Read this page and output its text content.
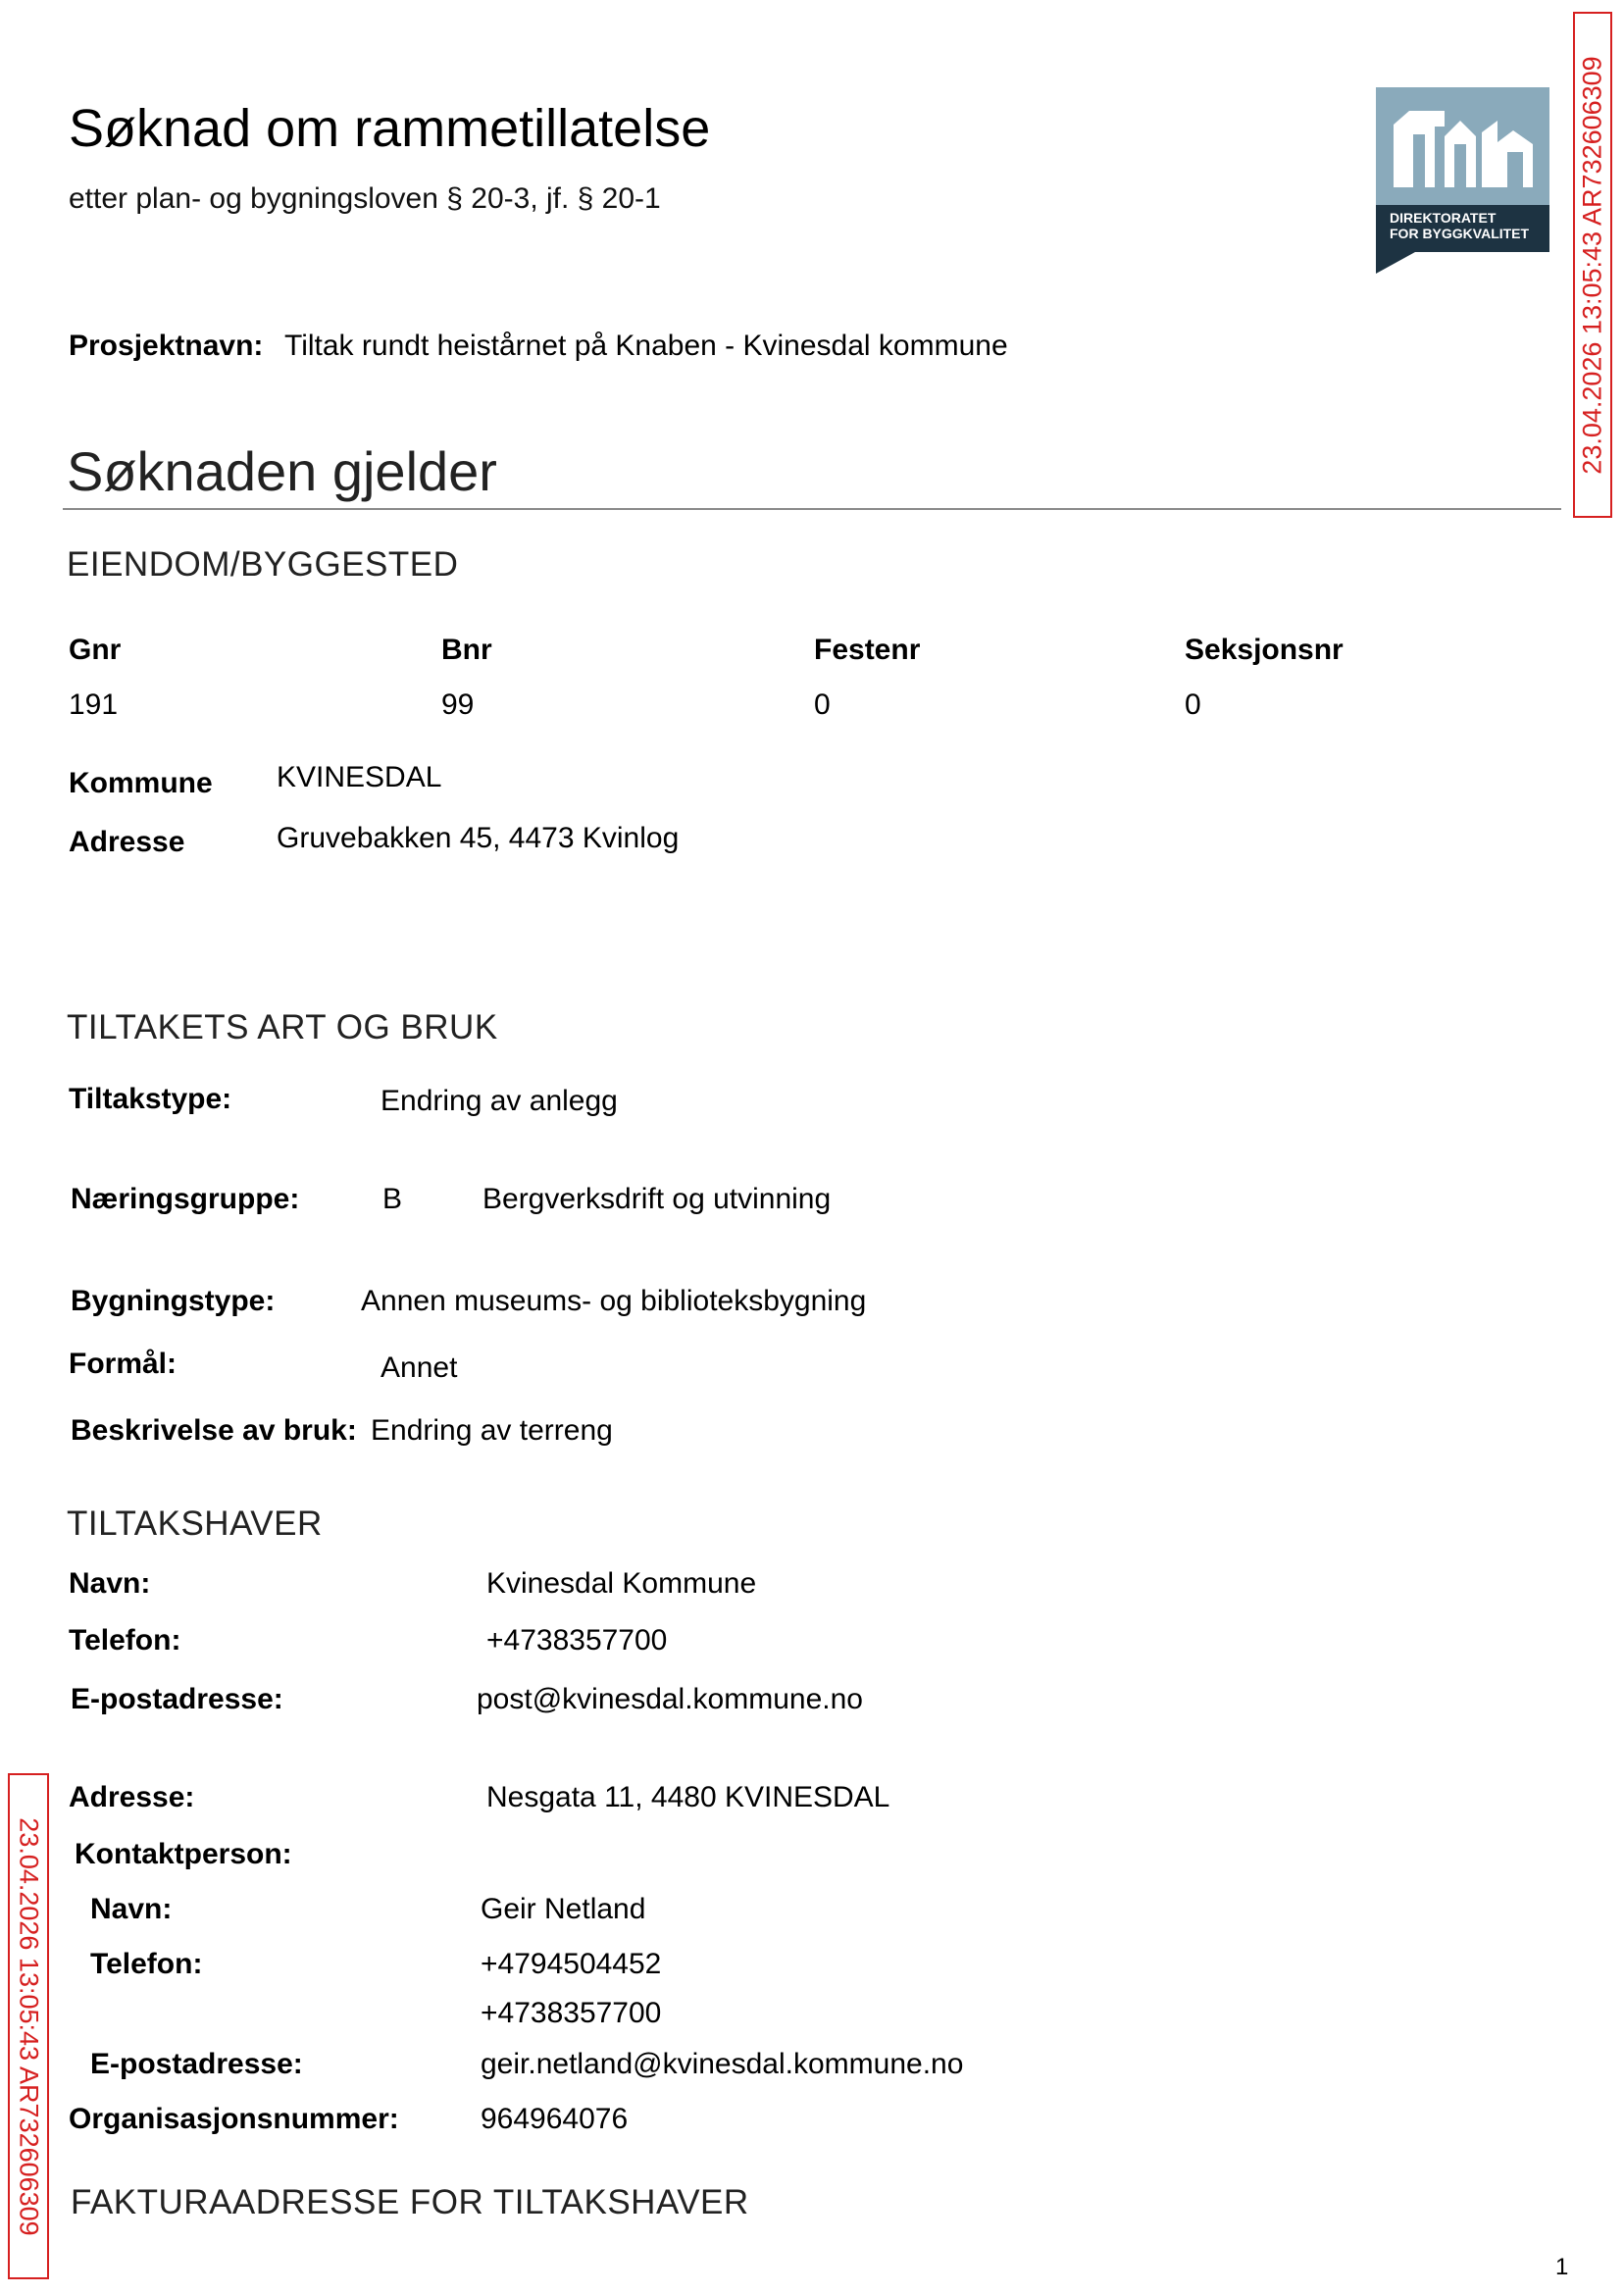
23.04.2026 13:05:43 AR732606309
23.04.2026 13:05:43 AR732606309
DIREKTORATET
FOR BYGGKVALITET
Søknad om rammetillatelse
etter plan- og bygningsloven § 20-3, jf. § 20-1
Prosjektnavn: Tiltak rundt heistårnet på Knaben - Kvinesdal kommune
Søknaden gjelder
EIENDOM/BYGGESTED
Gnr	Bnr	Festenr	Seksjonsnr
191	99	0	0
Kommune KVINESDAL
Adresse	Gruvebakken 45, 4473 Kvinlog
TILTAKETS ART OG BRUK
Tiltakstype:	Endring av anlegg
Næringsgruppe:	B	Bergverksdrift og utvinning
Bygningstype:	Annen museums- og biblioteksbygning
Formål:	Annet
Beskrivelse av bruk: Endring av terreng
TILTAKSHAVER
Navn:	Kvinesdal Kommune
Telefon:	+4738357700
E-postadresse:	post@kvinesdal.kommune.no
Adresse:	Nesgata 11, 4480 KVINESDAL
Kontaktperson:
Navn:	Geir Netland
Telefon:	+4794504452
+4738357700
E-postadresse:	geir.netland@kvinesdal.kommune.no
Organisasjonsnummer:	964964076
FAKTURAADRESSE FOR TILTAKSHAVER
1
